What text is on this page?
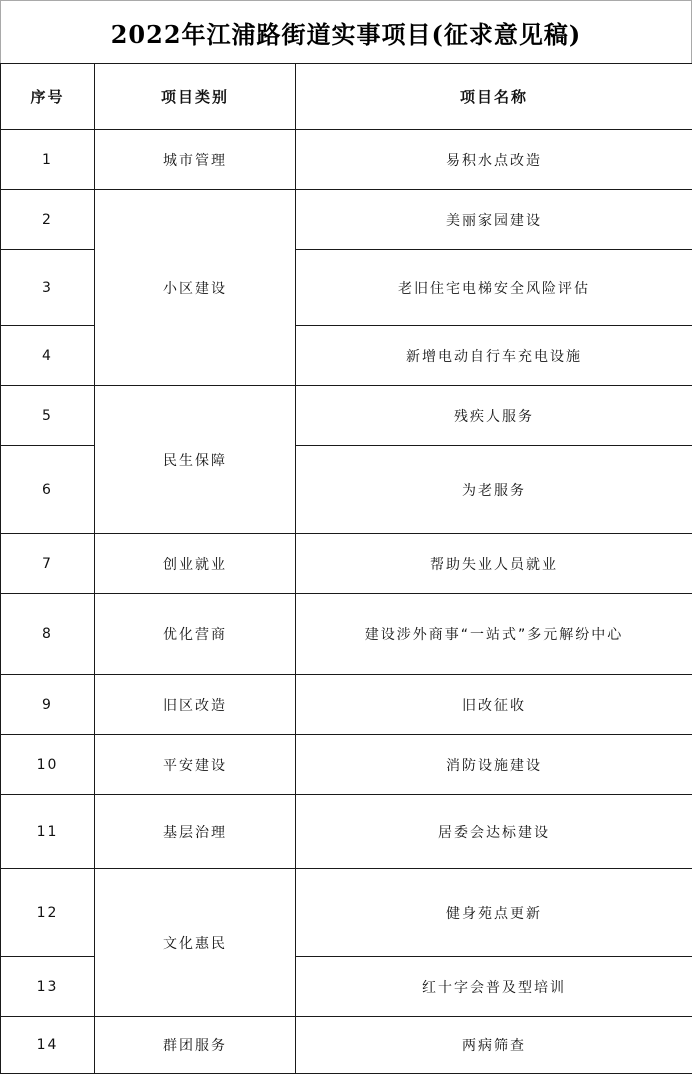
2022年江浦路街道实事项目(征求意见稿)
序号	项目类别	项目名称
1	城市管理	易积水点改造
2	小区建设	美丽家园建设
3		老旧住宅电梯安全风险评估
4		新增电动自行车充电设施
5	民生保障	残疾人服务
6		为老服务
7	创业就业	帮助失业人员就业
8	优化营商	建设涉外商事“一站式”多元解纷中心
9	旧区改造	旧改征收
10	平安建设	消防设施建设
11	基层治理	居委会达标建设
12	文化惠民	健身苑点更新
13		红十字会普及型培训
14	群团服务	两病筛查
